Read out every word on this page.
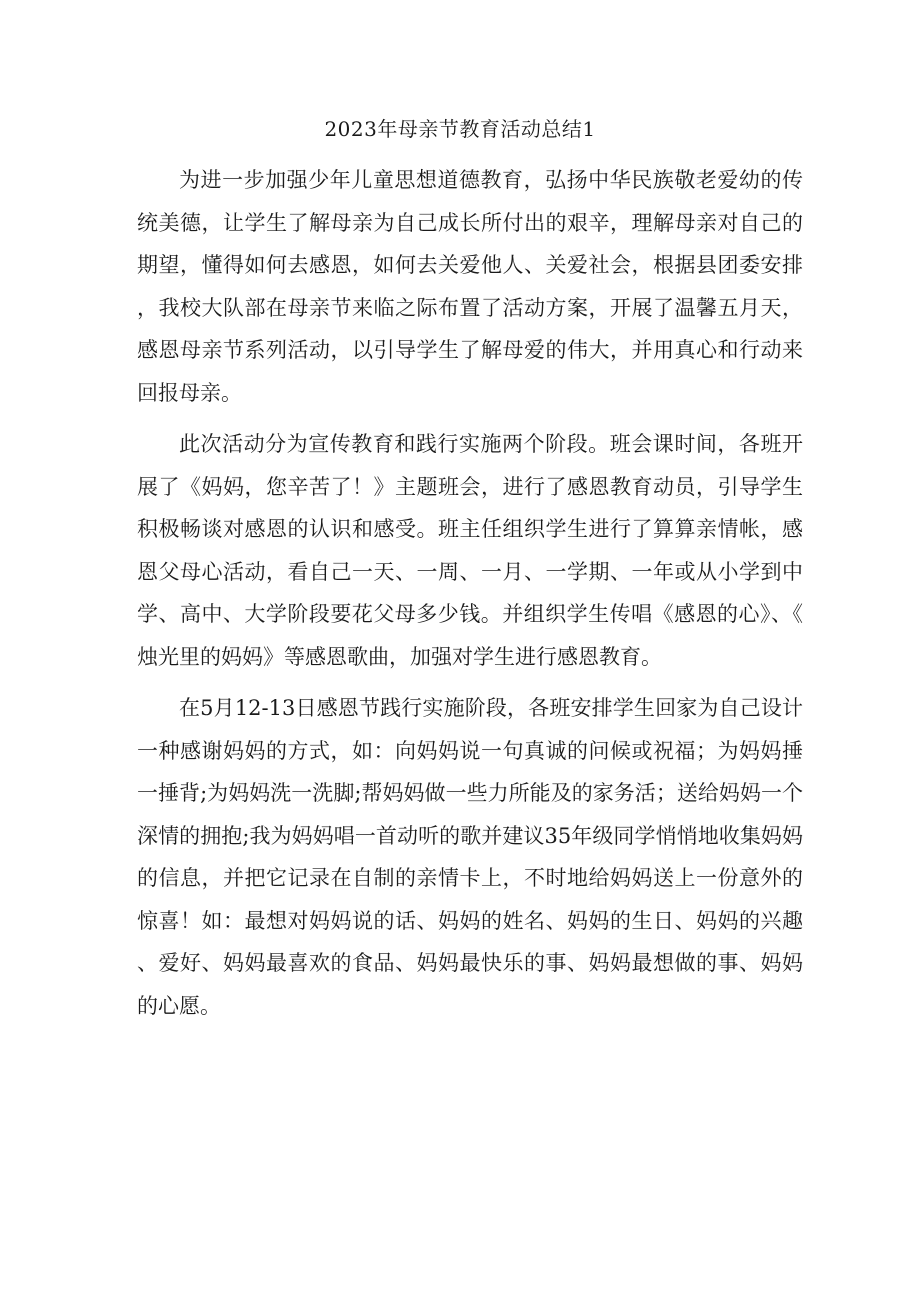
2023年母亲节教育活动总结1

为进一步加强少年儿童思想道德教育，弘扬中华民族敬老爱幼的传统美德，让学生了解母亲为自己成长所付出的艰辛，理解母亲对自己的期望，懂得如何去感恩，如何去关爱他人、关爱社会，根据县团委安排，我校大队部在母亲节来临之际布置了活动方案，开展了温馨五月天，感恩母亲节系列活动，以引导学生了解母爱的伟大，并用真心和行动来回报母亲。

此次活动分为宣传教育和践行实施两个阶段。班会课时间，各班开展了《妈妈，您辛苦了！》主题班会，进行了感恩教育动员，引导学生积极畅谈对感恩的认识和感受。班主任组织学生进行了算算亲情帐，感恩父母心活动，看自己一天、一周、一月、一学期、一年或从小学到中学、高中、大学阶段要花父母多少钱。并组织学生传唱《感恩的心》、《烛光里的妈妈》等感恩歌曲，加强对学生进行感恩教育。

在5月12-13日感恩节践行实施阶段，各班安排学生回家为自己设计一种感谢妈妈的方式，如：向妈妈说一句真诚的问候或祝福；为妈妈捶一捶背;为妈妈洗一洗脚;帮妈妈做一些力所能及的家务活；送给妈妈一个深情的拥抱;我为妈妈唱一首动听的歌并建议35年级同学悄悄地收集妈妈的信息，并把它记录在自制的亲情卡上，不时地给妈妈送上一份意外的惊喜！如：最想对妈妈说的话、妈妈的姓名、妈妈的生日、妈妈的兴趣、爱好、妈妈最喜欢的食品、妈妈最快乐的事、妈妈最想做的事、妈妈的心愿。
